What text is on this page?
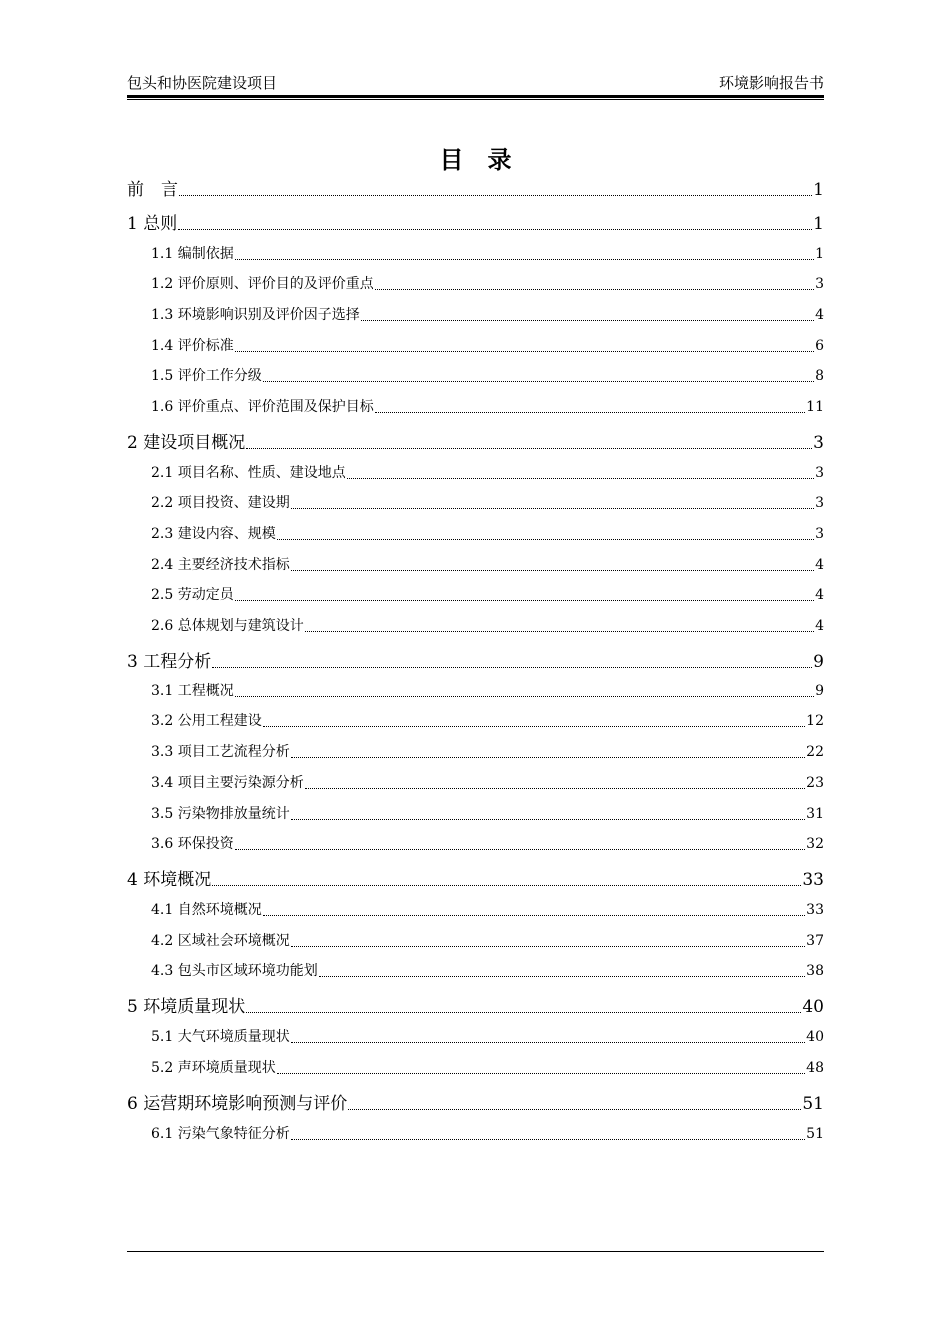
包头和协医院建设项目	环境影响报告书
目录
前　言	1
1 总则	1
1.1 编制依据	1
1.2 评价原则、评价目的及评价重点	3
1.3 环境影响识别及评价因子选择	4
1.4 评价标准	6
1.5 评价工作分级	8
1.6 评价重点、评价范围及保护目标	11
2 建设项目概况	3
2.1 项目名称、性质、建设地点	3
2.2 项目投资、建设期	3
2.3 建设内容、规模	3
2.4 主要经济技术指标	4
2.5 劳动定员	4
2.6 总体规划与建筑设计	4
3 工程分析	9
3.1 工程概况	9
3.2 公用工程建设	12
3.3 项目工艺流程分析	22
3.4 项目主要污染源分析	23
3.5 污染物排放量统计	31
3.6 环保投资	32
4 环境概况	33
4.1 自然环境概况	33
4.2 区域社会环境概况	37
4.3 包头市区域环境功能划	38
5 环境质量现状	40
5.1 大气环境质量现状	40
5.2 声环境质量现状	48
6 运营期环境影响预测与评价	51
6.1 污染气象特征分析	51
